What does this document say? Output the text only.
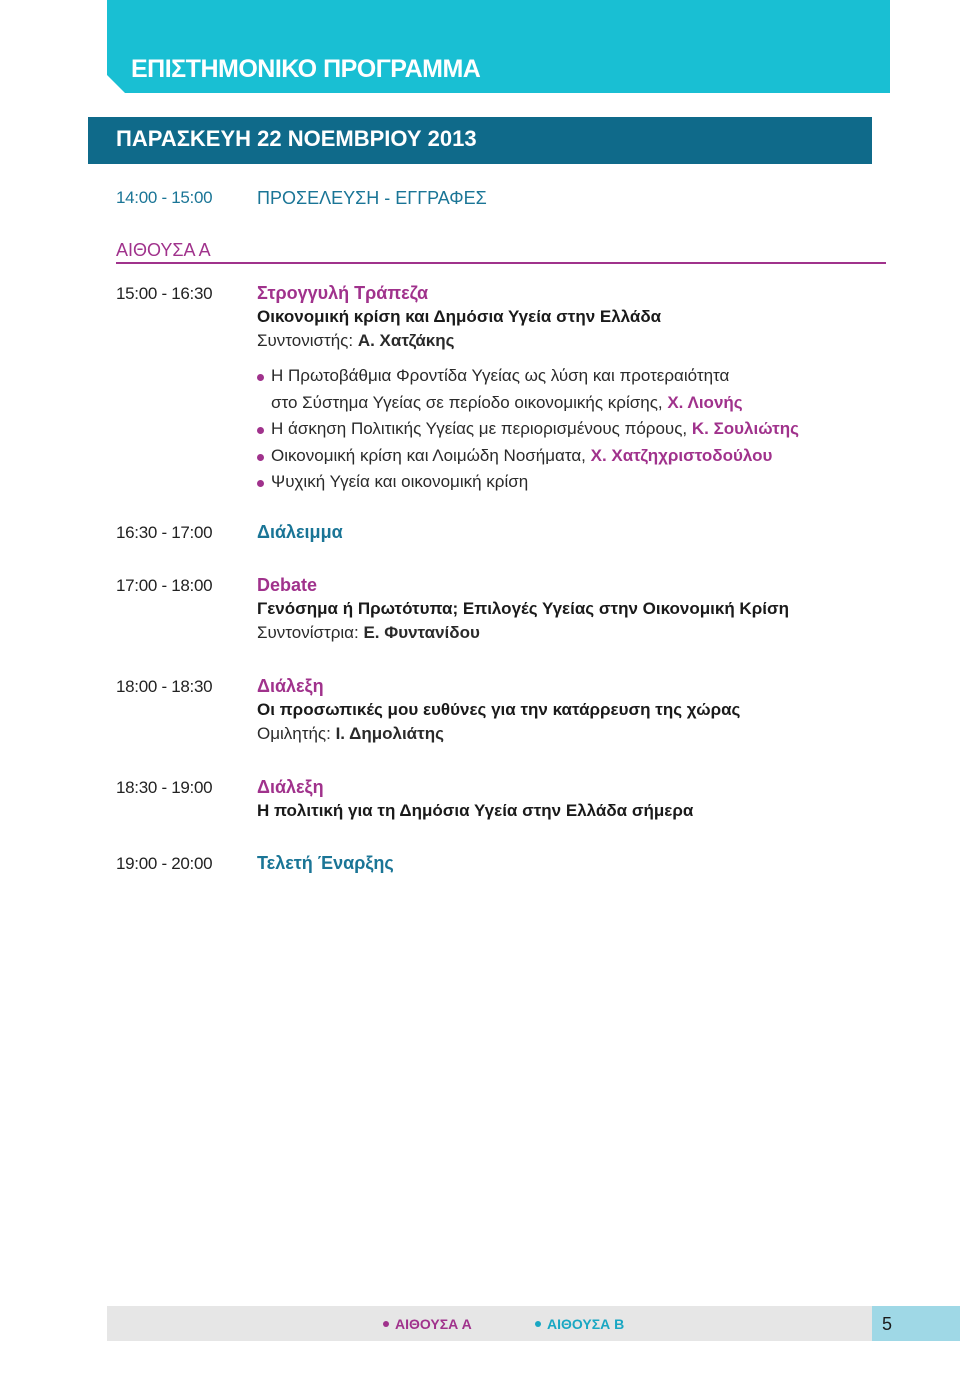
ΕΠΙΣΤΗΜΟΝΙΚΟ ΠΡΟΓΡΑΜΜΑ
ΠΑΡΑΣΚΕΥΗ 22 ΝΟΕΜΒΡΙΟΥ 2013
14:00 - 15:00 ΠΡΟΣΕΛΕΥΣΗ - ΕΓΓΡΑΦΕΣ
ΑΙΘΟΥΣΑ Α
15:00 - 16:30 Στρογγυλή Τράπεζα
Οικονομική κρίση και Δημόσια Υγεία στην Ελλάδα
Συντονιστής: Α. Χατζάκης
Η Πρωτοβάθμια Φροντίδα Υγείας ως λύση και προτεραιότητα
στο Σύστημα Υγείας σε περίοδο οικονομικής κρίσης, Χ. Λιονής
Η άσκηση Πολιτικής Υγείας με περιορισμένους πόρους, Κ. Σουλιώτης
Οικονομική κρίση και Λοιμώδη Νοσήματα, Χ. Χατζηχριστοδούλου
Ψυχική Υγεία και οικονομική κρίση
16:30 - 17:00 Διάλειμμα
17:00 - 18:00 Debate
Γενόσημα ή Πρωτότυπα; Επιλογές Υγείας στην Οικονομική Κρίση
Συντονίστρια: Ε. Φυντανίδου
18:00 - 18:30 Διάλεξη
Οι προσωπικές μου ευθύνες για την κατάρρευση της χώρας
Ομιλητής: Ι. Δημολιάτης
18:30 - 19:00 Διάλεξη
Η πολιτική για τη Δημόσια Υγεία στην Ελλάδα σήμερα
19:00 - 20:00 Τελετή Έναρξης
ΑΙΘΟΥΣΑ Α	ΑΙΘΟΥΣΑ Β	5
